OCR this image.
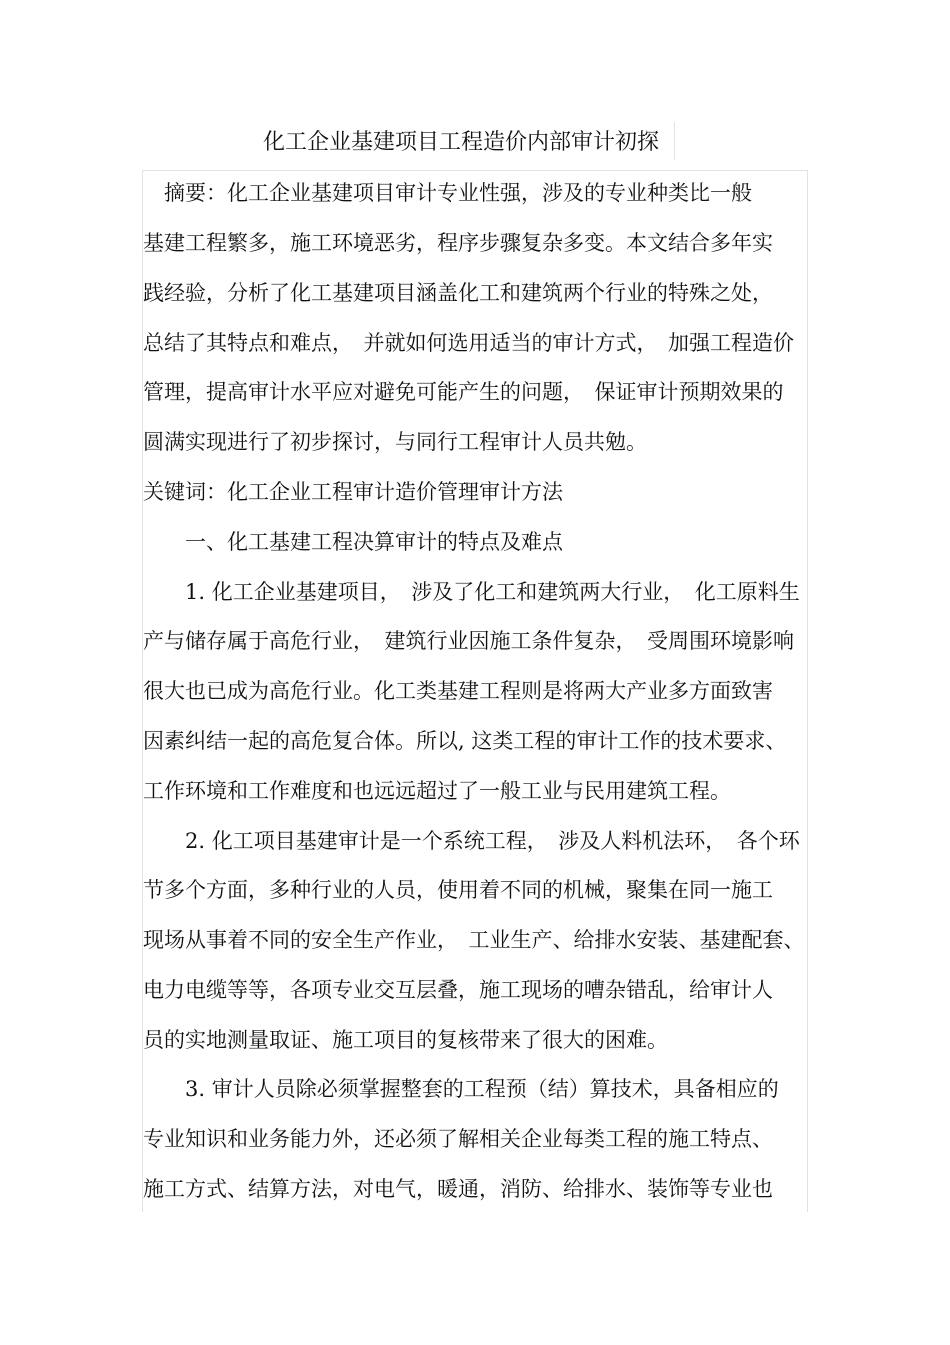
化工企业基建项目工程造价内部审计初探
　摘要：化工企业基建项目审计专业性强，涉及的专业种类比一般
基建工程繁多，施工环境恶劣，程序步骤复杂多变。本文结合多年实
践经验，分析了化工基建项目涵盖化工和建筑两个行业的特殊之处，
总结了其特点和难点，　并就如何选用适当的审计方式，　加强工程造价
管理，提高审计水平应对避免可能产生的问题，　保证审计预期效果的
圆满实现进行了初步探讨，与同行工程审计人员共勉。
关键词：化工企业工程审计造价管理审计方法
　　一、化工基建工程决算审计的特点及难点
　　1. 化工企业基建项目，　涉及了化工和建筑两大行业，　化工原料生
产与储存属于高危行业，　建筑行业因施工条件复杂，　受周围环境影响
很大也已成为高危行业。化工类基建工程则是将两大产业多方面致害
因素纠结一起的高危复合体。所以, 这类工程的审计工作的技术要求、
工作环境和工作难度和也远远超过了一般工业与民用建筑工程。
　　2. 化工项目基建审计是一个系统工程，　涉及人料机法环，　各个环
节多个方面，多种行业的人员，使用着不同的机械，聚集在同一施工
现场从事着不同的安全生产作业，　工业生产、给排水安装、基建配套、
电力电缆等等，各项专业交互层叠，施工现场的嘈杂错乱，给审计人
员的实地测量取证、施工项目的复核带来了很大的困难。
　　3. 审计人员除必须掌握整套的工程预（结）算技术，具备相应的
专业知识和业务能力外，还必须了解相关企业每类工程的施工特点、
施工方式、结算方法，对电气，暖通，消防、给排水、装饰等专业也
